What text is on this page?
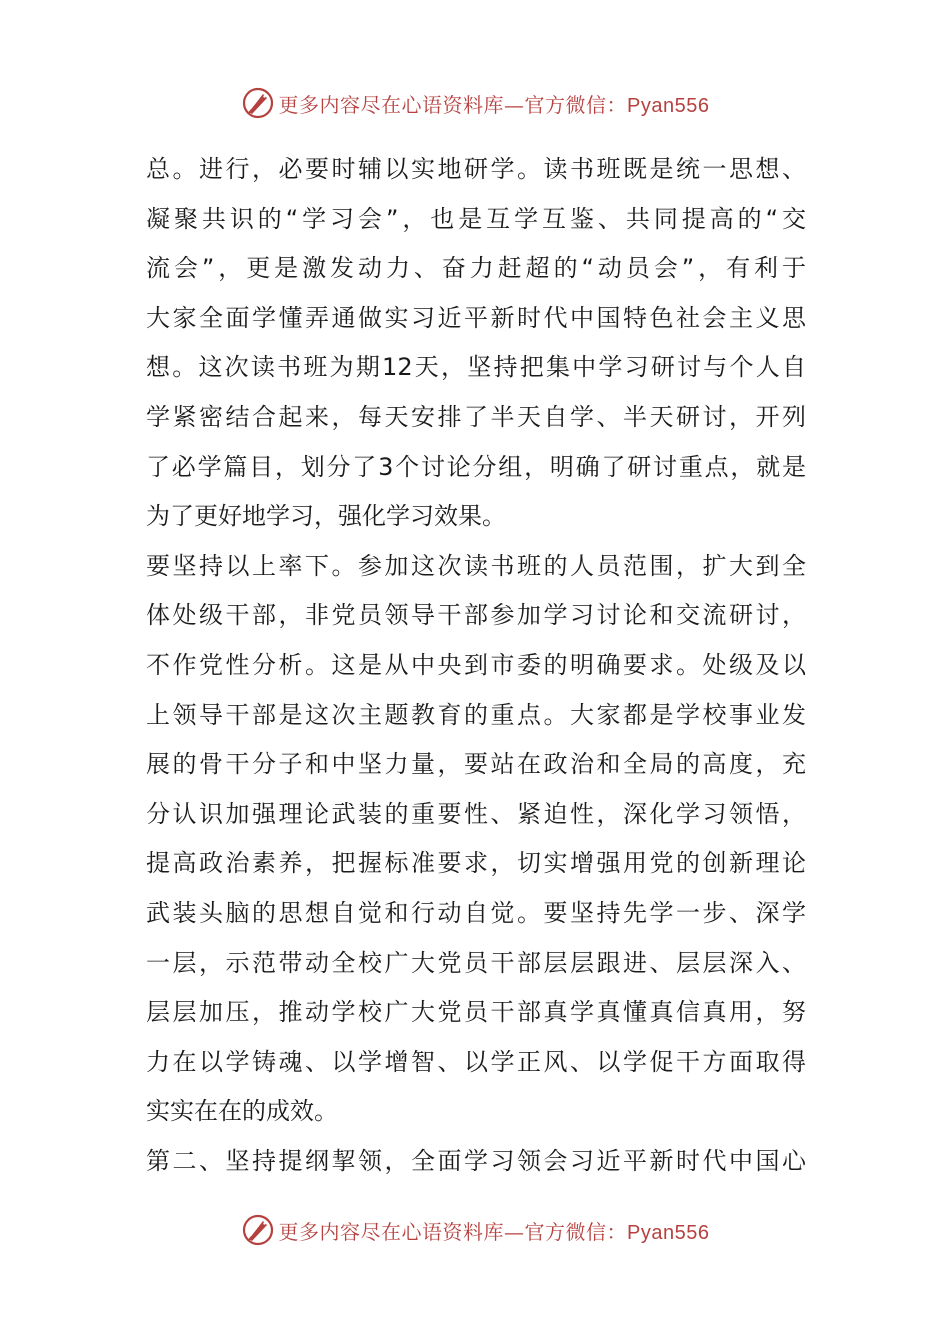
更多内容尽在心语资料库—官方微信：Pyan556
总。进行，必要时辅以实地研学。读书班既是统一思想、
凝聚共识的“学习会”，也是互学互鉴、共同提高的“交
流会”，更是激发动力、奋力赶超的“动员会”，有利于
大家全面学懂弄通做实习近平新时代中国特色社会主义思
想。这次读书班为期12天，坚持把集中学习研讨与个人自
学紧密结合起来，每天安排了半天自学、半天研讨，开列
了必学篇目，划分了3个讨论分组，明确了研讨重点，就是
为了更好地学习，强化学习效果。
要坚持以上率下。参加这次读书班的人员范围，扩大到全
体处级干部，非党员领导干部参加学习讨论和交流研讨，
不作党性分析。这是从中央到市委的明确要求。处级及以
上领导干部是这次主题教育的重点。大家都是学校事业发
展的骨干分子和中坚力量，要站在政治和全局的高度，充
分认识加强理论武装的重要性、紧迫性，深化学习领悟，
提高政治素养，把握标准要求，切实增强用党的创新理论
武装头脑的思想自觉和行动自觉。要坚持先学一步、深学
一层，示范带动全校广大党员干部层层跟进、层层深入、
层层加压，推动学校广大党员干部真学真懂真信真用，努
力在以学铸魂、以学增智、以学正风、以学促干方面取得
实实在在的成效。
第二、坚持提纲挈领，全面学习领会习近平新时代中国心
更多内容尽在心语资料库—官方微信：Pyan556
